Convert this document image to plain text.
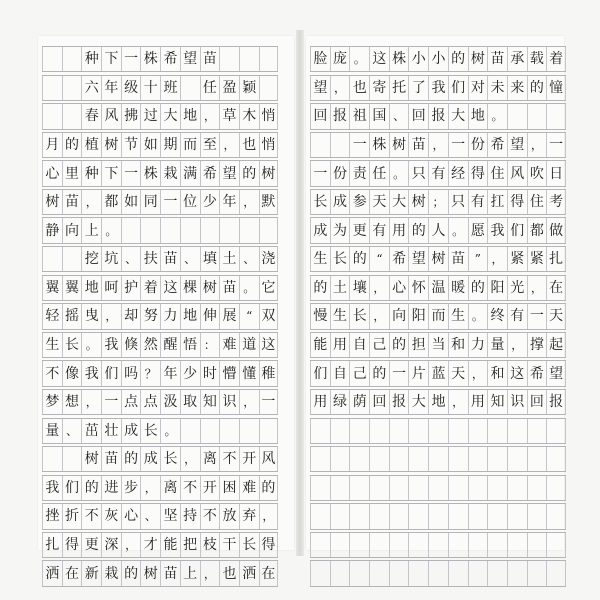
种 下 一 株 希 望 苗
六 年 级 十 班 任 盈 颖
春 风 拂 过 大 地 ， 草 木 悄
月 的 植 树 节 如 期 而 至 ， 也 悄
心 里 种 下 一 株 栽 满 希 望 的 树
树 苗 ， 都 如 同 一 位 少 年 ， 默
静 向 上 。
挖 坑 、 扶 苗 、 填 土 、 浇
翼 翼 地 呵 护 着 这 棵 树 苗 。 它
轻 摇 曳 ， 却 努 力 地 伸 展 “ 双
生 长 。 我 倏 然 醒 悟 ： 难 道 这
不 像 我 们 吗 ？ 年 少 时 懵 懂 稚
梦 想 ， 一 点 点 汲 取 知 识 ， 一
量 、 茁 壮 成 长 。
树 苗 的 成 长 ， 离 不 开 风
我 们 的 进 步 ， 离 不 开 困 难 的
挫 折 不 灰 心 、 坚 持 不 放 弃 ，
扎 得 更 深 ， 才 能 把 枝 干 长 得
洒 在 新 栽 的 树 苗 上 ， 也 洒 在
脸 庞 。 这 株 小 小 的 树 苗 承 载 着
望 ， 也 寄 托 了 我 们 对 未 来 的 憧
回 报 祖 国 、 回 报 大 地 。
一 株 树 苗 ， 一 份 希 望 ， 一
一 份 责 任 。 只 有 经 得 住 风 吹 日
长 成 参 天 大 树 ； 只 有 扛 得 住 考
成 为 更 有 用 的 人 。 愿 我 们 都 做
生 长 的 “ 希 望 树 苗 ” ， 紧 紧 扎
的 土 壤 ， 心 怀 温 暖 的 阳 光 ， 在
慢 生 长 ， 向 阳 而 生 。 终 有 一 天
能 用 自 己 的 担 当 和 力 量 ， 撑 起
们 自 己 的 一 片 蓝 天 ， 和 这 希 望
用 绿 荫 回 报 大 地 ， 用 知 识 回 报
